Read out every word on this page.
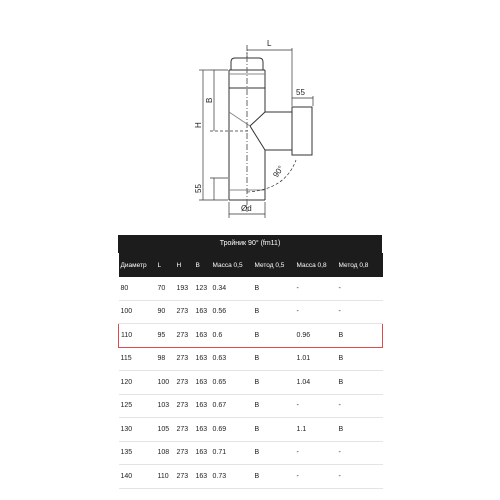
L
55
B
H
55
90°
Ød
Тройник 90° (fm11)
Диаметр	L	H	B	Масса 0,5	Метод 0,5	Масса 0,8	Метод 0,8
80	70	193	123	0.34	В	-	-
100	90	273	163	0.56	В	-	-
110	95	273	163	0.6	В	0.96	В
115	98	273	163	0.63	В	1.01	В
120	100	273	163	0.65	В	1.04	В
125	103	273	163	0.67	В	-	-
130	105	273	163	0.69	В	1.1	В
135	108	273	163	0.71	В	-	-
140	110	273	163	0.73	В	-	-
